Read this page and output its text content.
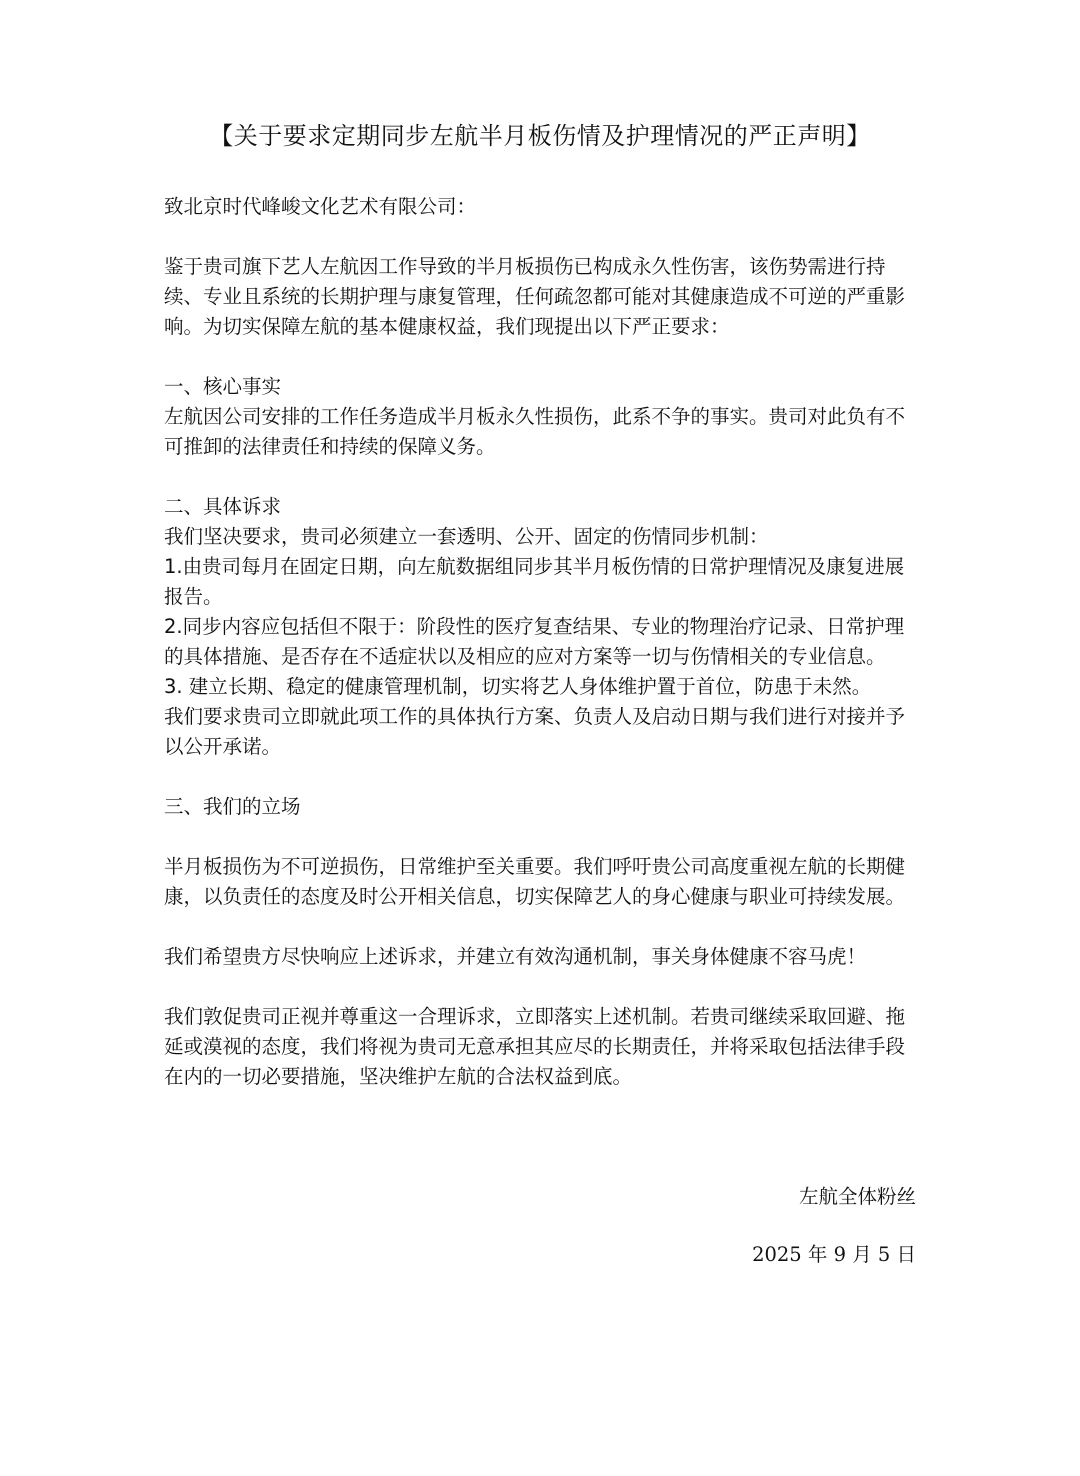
【关于要求定期同步左航半月板伤情及护理情况的严正声明】

致北京时代峰峻文化艺术有限公司：

鉴于贵司旗下艺人左航因工作导致的半月板损伤已构成永久性伤害，该伤势需进行持续、专业且系统的长期护理与康复管理，任何疏忽都可能对其健康造成不可逆的严重影响。为切实保障左航的基本健康权益，我们现提出以下严正要求：

一、核心事实

左航因公司安排的工作任务造成半月板永久性损伤，此系不争的事实。贵司对此负有不可推卸的法律责任和持续的保障义务。

二、具体诉求

我们坚决要求，贵司必须建立一套透明、公开、固定的伤情同步机制：

1.由贵司每月在固定日期，向左航数据组同步其半月板伤情的日常护理情况及康复进展报告。

2.同步内容应包括但不限于：阶段性的医疗复查结果、专业的物理治疗记录、日常护理的具体措施、是否存在不适症状以及相应的应对方案等一切与伤情相关的专业信息。

3. 建立长期、稳定的健康管理机制，切实将艺人身体维护置于首位，防患于未然。

我们要求贵司立即就此项工作的具体执行方案、负责人及启动日期与我们进行对接并予以公开承诺。

三、我们的立场

半月板损伤为不可逆损伤，日常维护至关重要。我们呼吁贵公司高度重视左航的长期健康，以负责任的态度及时公开相关信息，切实保障艺人的身心健康与职业可持续发展。

我们希望贵方尽快响应上述诉求，并建立有效沟通机制，事关身体健康不容马虎！

我们敦促贵司正视并尊重这一合理诉求，立即落实上述机制。若贵司继续采取回避、拖延或漠视的态度，我们将视为贵司无意承担其应尽的长期责任，并将采取包括法律手段在内的一切必要措施，坚决维护左航的合法权益到底。

左航全体粉丝
2025 年 9 月 5 日
